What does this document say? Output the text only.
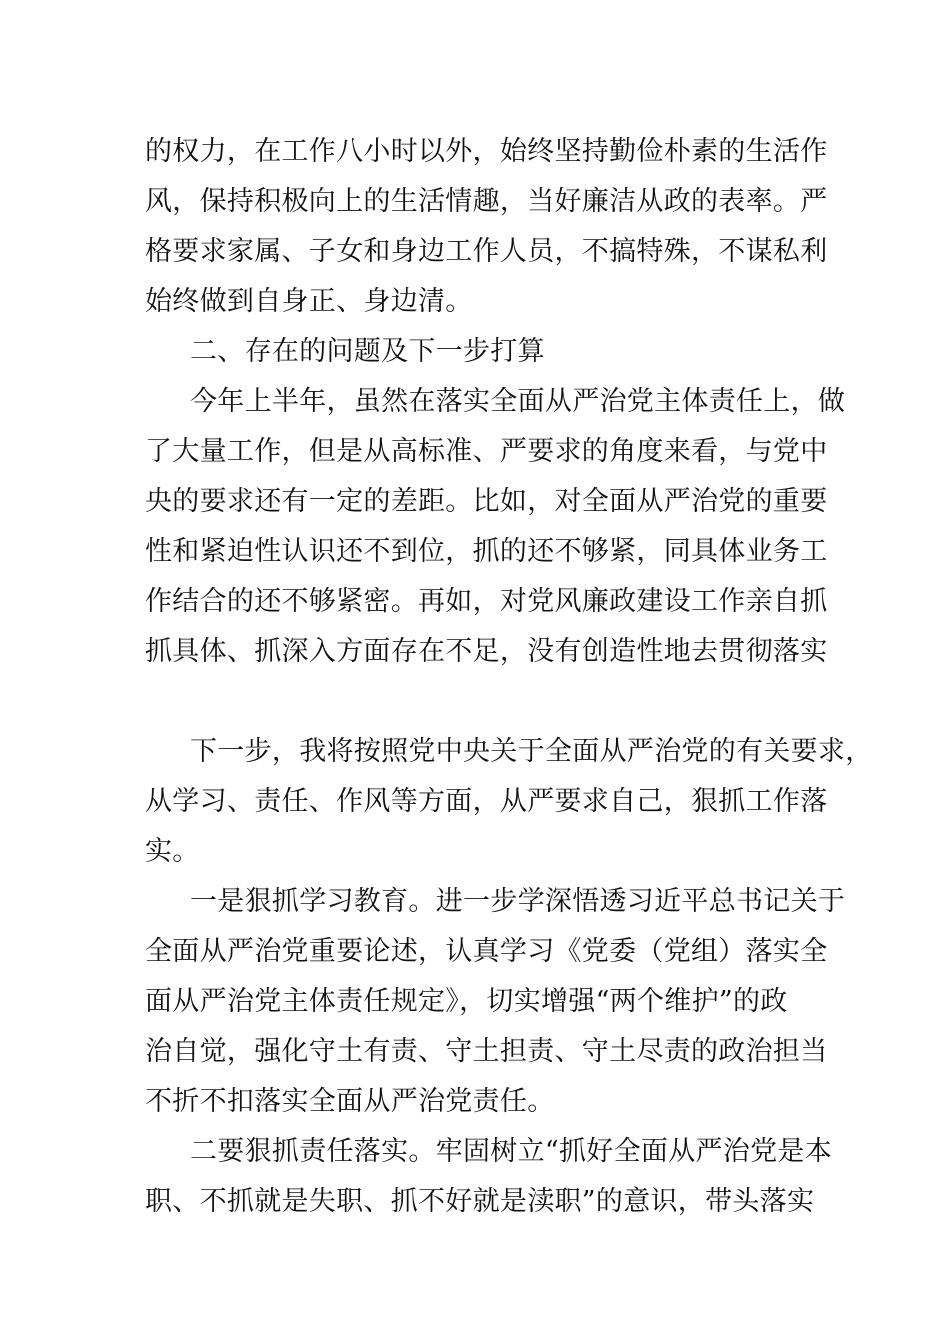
的权力，在工作八小时以外，始终坚持勤俭朴素的生活作

风，保持积极向上的生活情趣，当好廉洁从政的表率。严

格要求家属、子女和身边工作人员，不搞特殊，不谋私利

始终做到自身正、身边清。

二、存在的问题及下一步打算

今年上半年，虽然在落实全面从严治党主体责任上，做

了大量工作，但是从高标准、严要求的角度来看，与党中

央的要求还有一定的差距。比如，对全面从严治党的重要

性和紧迫性认识还不到位，抓的还不够紧，同具体业务工

作结合的还不够紧密。再如，对党风廉政建设工作亲自抓

抓具体、抓深入方面存在不足，没有创造性地去贯彻落实

下一步，我将按照党中央关于全面从严治党的有关要求，

从学习、责任、作风等方面，从严要求自己，狠抓工作落

实。

一是狠抓学习教育。进一步学深悟透习近平总书记关于

全面从严治党重要论述，认真学习《党委（党组）落实全

面从严治党主体责任规定》，切实增强“两个维护”的政

治自觉，强化守土有责、守土担责、守土尽责的政治担当

不折不扣落实全面从严治党责任。

二要狠抓责任落实。牢固树立“抓好全面从严治党是本

职、不抓就是失职、抓不好就是渎职”的意识，带头落实
